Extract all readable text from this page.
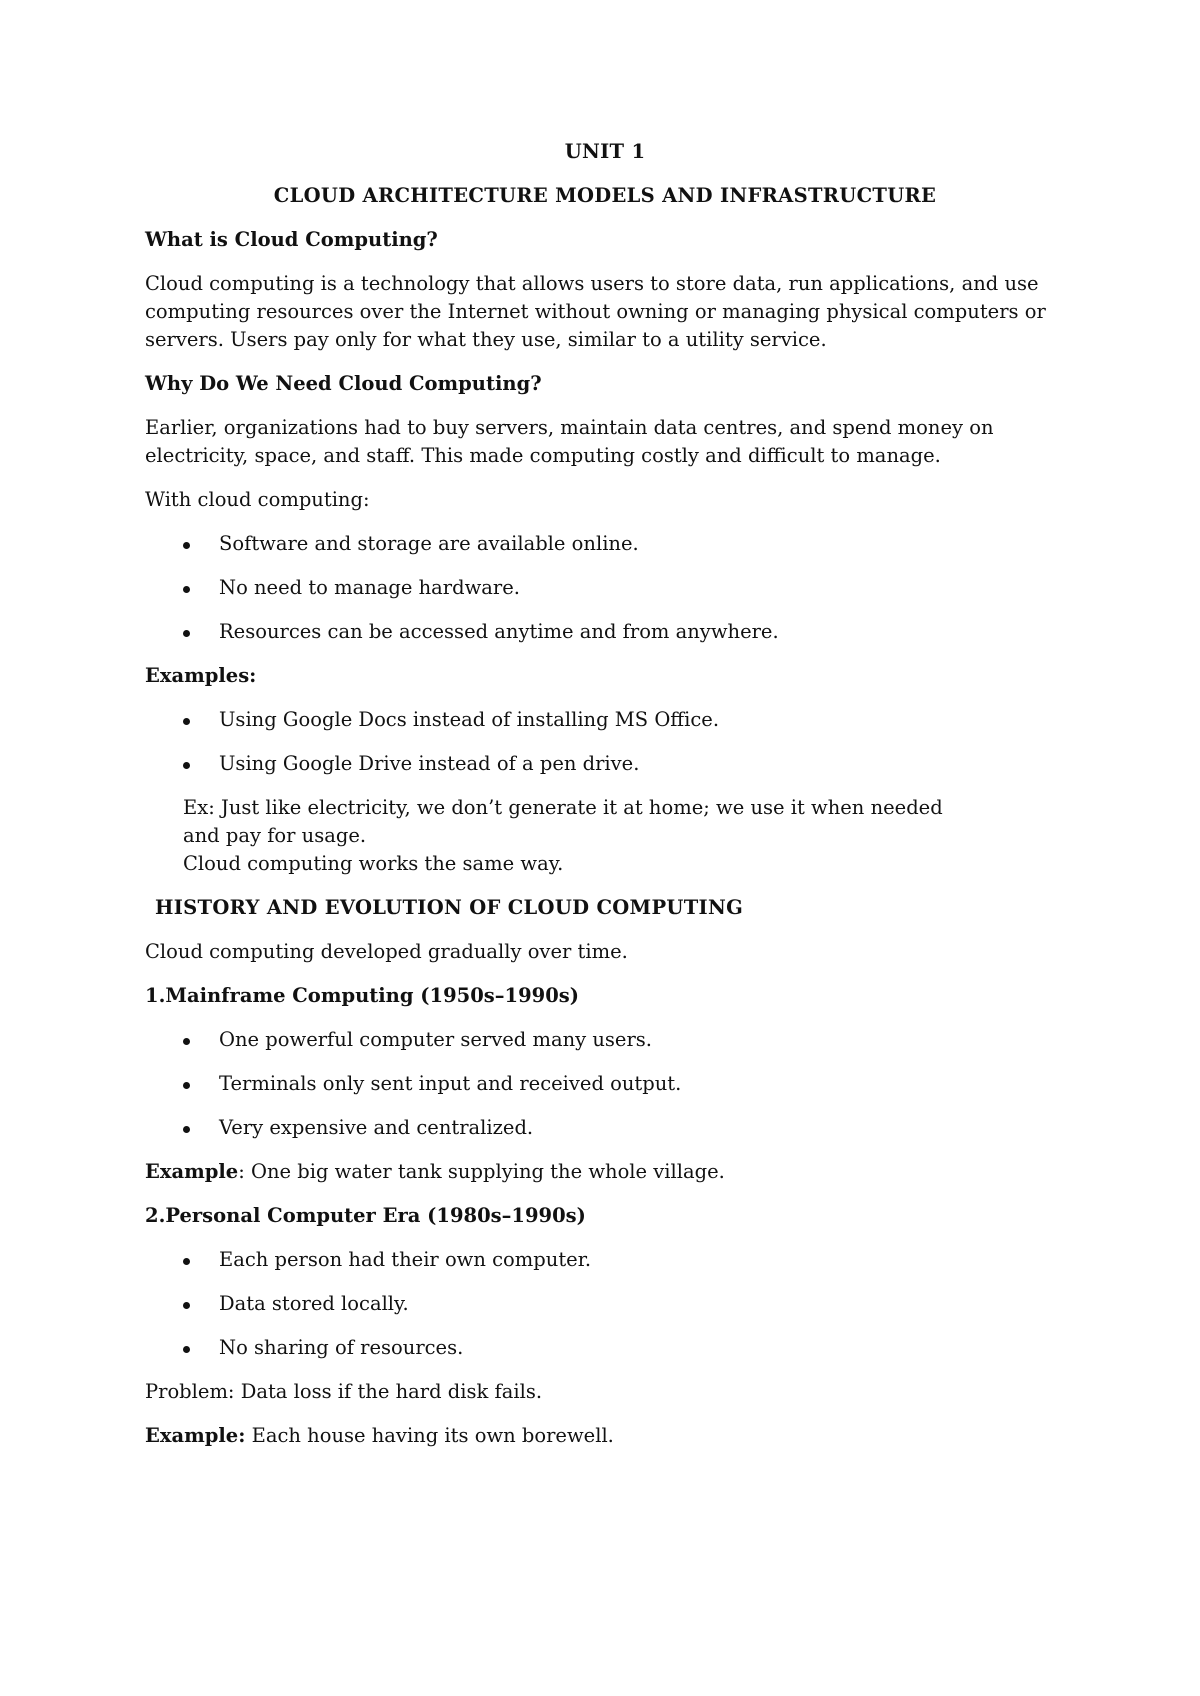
UNIT 1

CLOUD ARCHITECTURE MODELS AND INFRASTRUCTURE

What is Cloud Computing?

Cloud computing is a technology that allows users to store data, run applications, and use computing resources over the Internet without owning or managing physical computers or servers. Users pay only for what they use, similar to a utility service.

Why Do We Need Cloud Computing?

Earlier, organizations had to buy servers, maintain data centres, and spend money on electricity, space, and staff. This made computing costly and difficult to manage.

With cloud computing:

Software and storage are available online.
No need to manage hardware.
Resources can be accessed anytime and from anywhere.

Examples:

Using Google Docs instead of installing MS Office.
Using Google Drive instead of a pen drive.
Ex: Just like electricity, we don’t generate it at home; we use it when needed
and pay for usage.
Cloud computing works the same way.

HISTORY AND EVOLUTION OF CLOUD COMPUTING

Cloud computing developed gradually over time.

1.Mainframe Computing (1950s–1990s)

One powerful computer served many users.
Terminals only sent input and received output.
Very expensive and centralized.

Example: One big water tank supplying the whole village.

2.Personal Computer Era (1980s–1990s)

Each person had their own computer.
Data stored locally.
No sharing of resources.

Problem: Data loss if the hard disk fails.

Example: Each house having its own borewell.
